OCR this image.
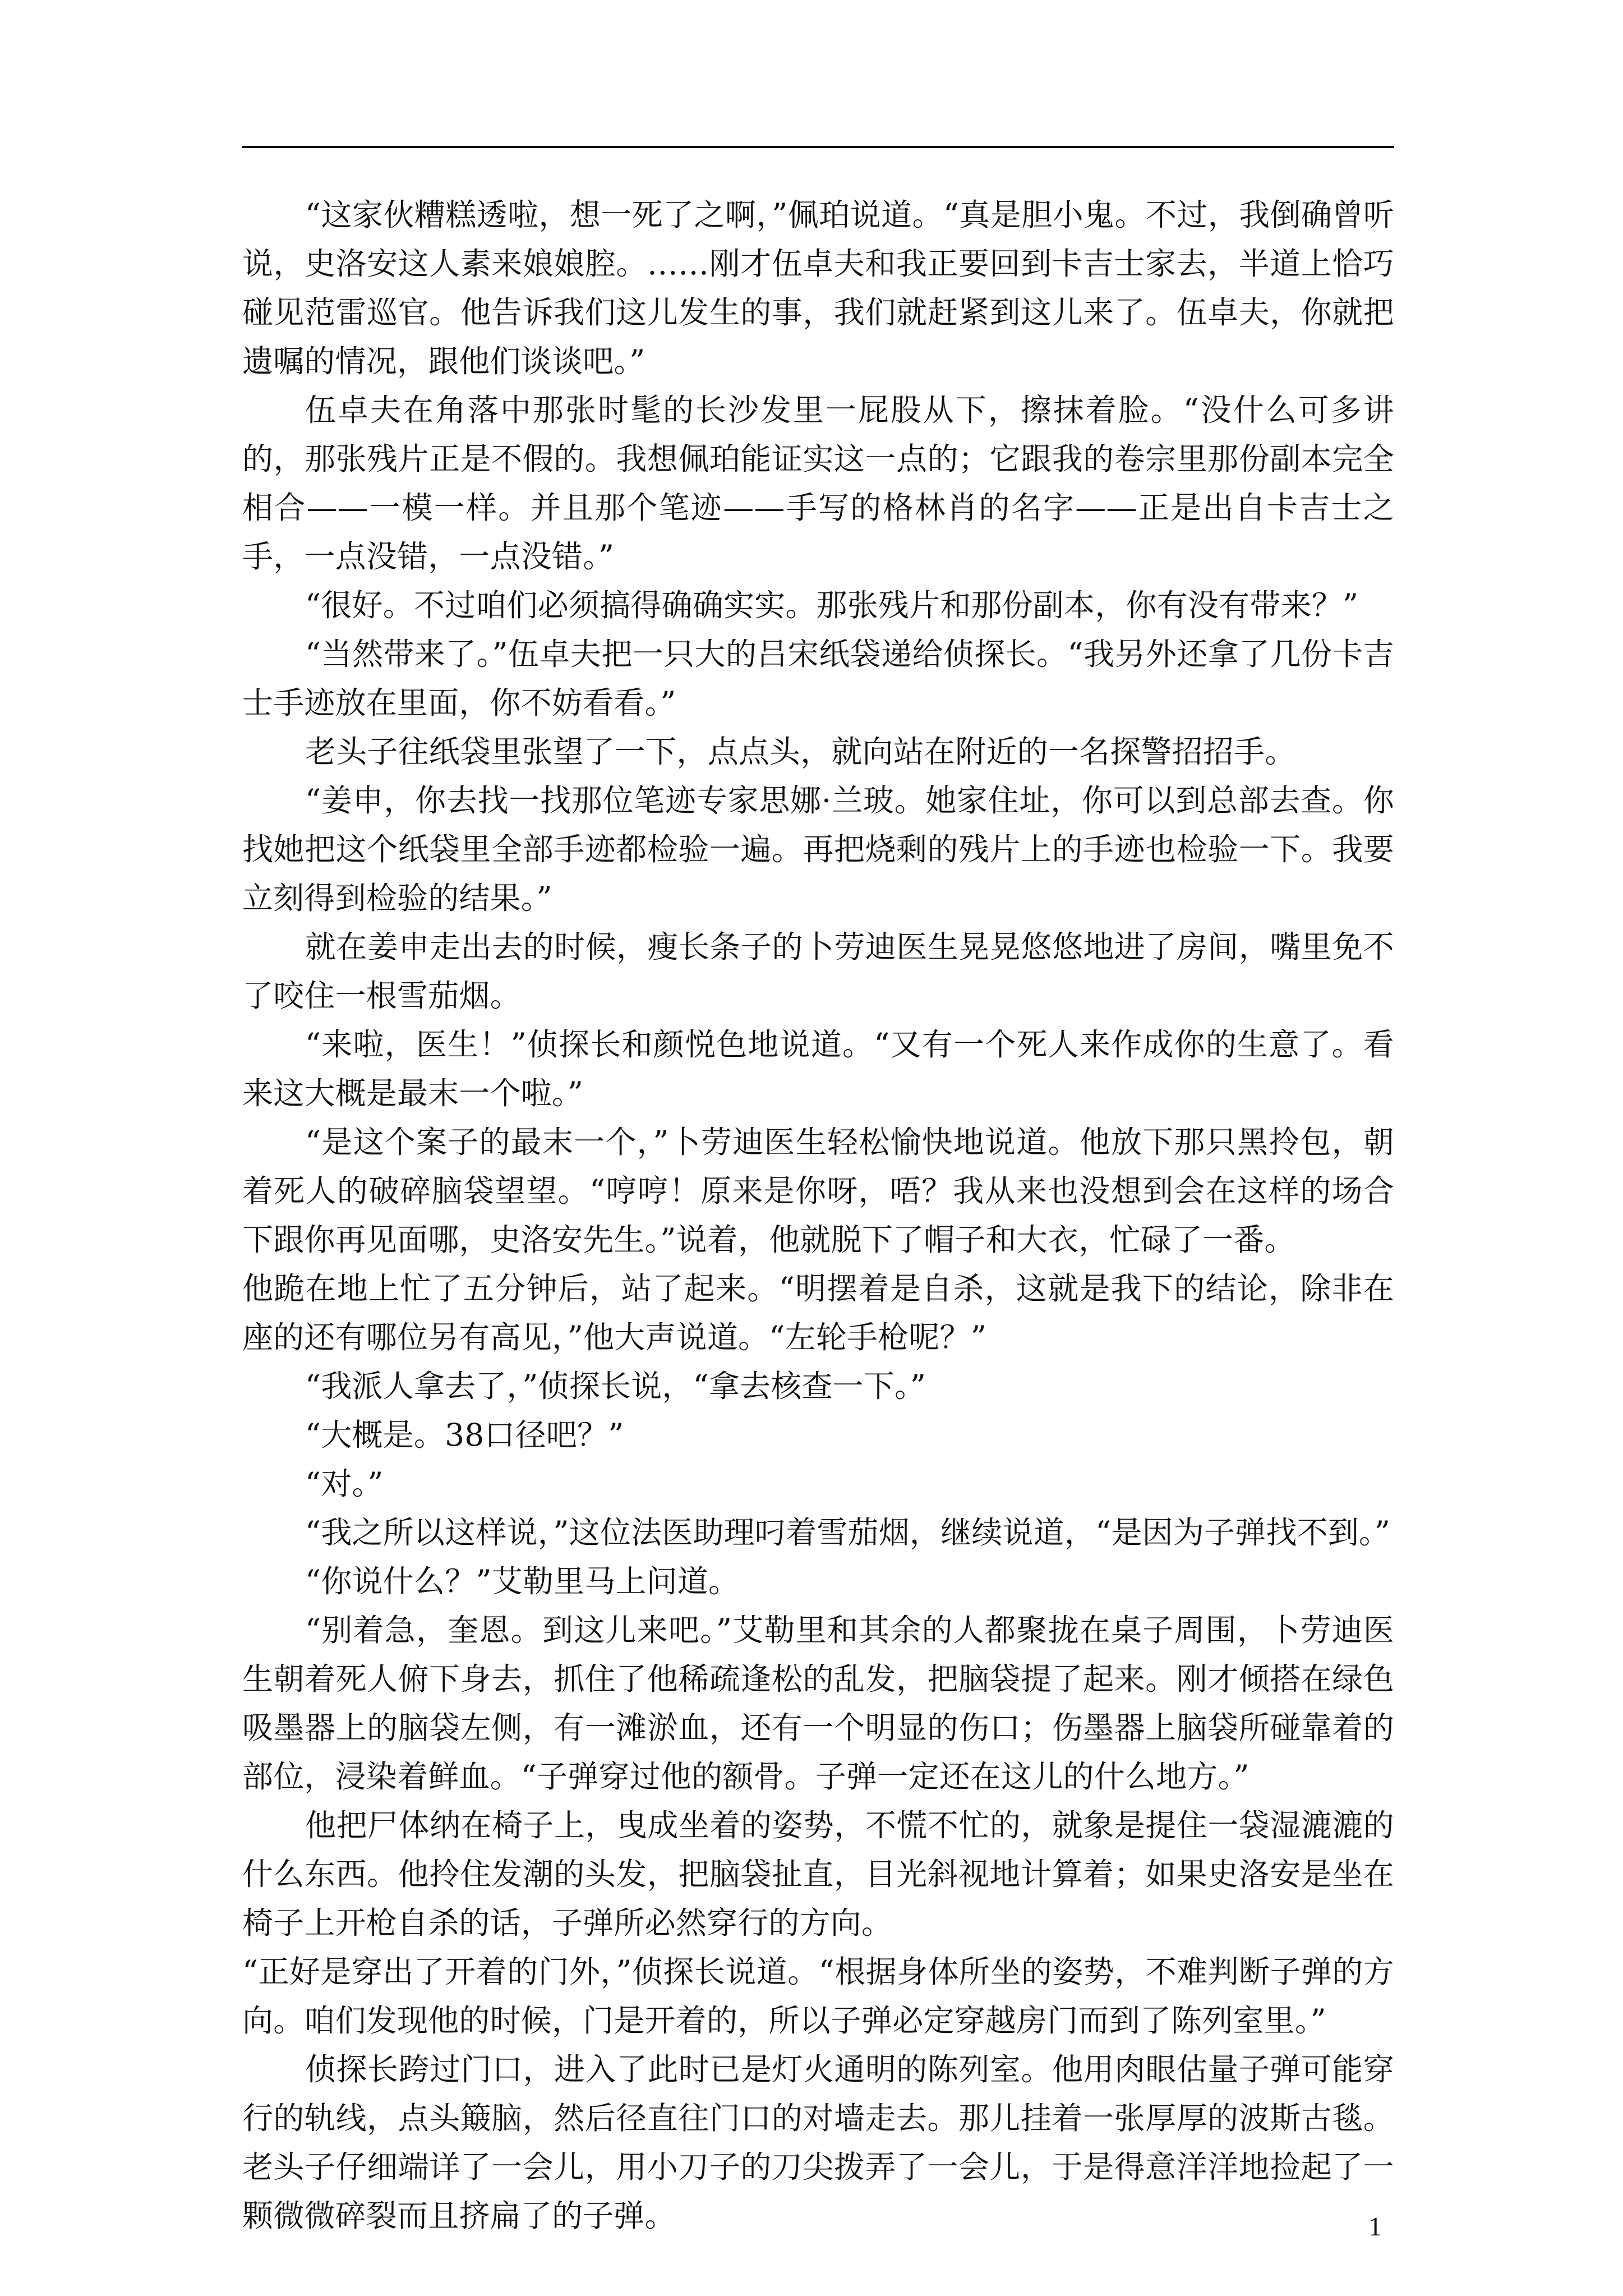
“这家伙糟糕透啦，想一死了之啊，”佩珀说道。“真是胆小鬼。不过，我倒确曾听说，史洛安这人素来娘娘腔。……刚才伍卓夫和我正要回到卡吉士家去，半道上恰巧碰见范雷巡官。他告诉我们这儿发生的事，我们就赶紧到这儿来了。伍卓夫，你就把遗嘱的情况，跟他们谈谈吧。”

伍卓夫在角落中那张时髦的长沙发里一屁股从下，擦抹着脸。“没什么可多讲的，那张残片正是不假的。我想佩珀能证实这一点的；它跟我的卷宗里那份副本完全相合——一模一样。并且那个笔迹——手写的格林肖的名字——正是出自卡吉士之手，一点没错，一点没错。”

“很好。不过咱们必须搞得确确实实。那张残片和那份副本，你有没有带来？”

“当然带来了。”伍卓夫把一只大的吕宋纸袋递给侦探长。“我另外还拿了几份卡吉士手迹放在里面，你不妨看看。”

老头子往纸袋里张望了一下，点点头，就向站在附近的一名探警招招手。

“姜申，你去找一找那位笔迹专家思娜·兰玻。她家住址，你可以到总部去查。你找她把这个纸袋里全部手迹都检验一遍。再把烧剩的残片上的手迹也检验一下。我要立刻得到检验的结果。”

就在姜申走出去的时候，瘦长条子的卜劳迪医生晃晃悠悠地进了房间，嘴里免不了咬住一根雪茄烟。

“来啦，医生！”侦探长和颜悦色地说道。“又有一个死人来作成你的生意了。看来这大概是最末一个啦。”

“是这个案子的最末一个，”卜劳迪医生轻松愉快地说道。他放下那只黑拎包，朝着死人的破碎脑袋望望。“哼哼！原来是你呀，唔？我从来也没想到会在这样的场合下跟你再见面哪，史洛安先生。”说着，他就脱下了帽子和大衣，忙碌了一番。

他跪在地上忙了五分钟后，站了起来。“明摆着是自杀，这就是我下的结论，除非在座的还有哪位另有高见，”他大声说道。“左轮手枪呢？”

“我派人拿去了，”侦探长说，“拿去核查一下。”

“大概是。38口径吧？”

“对。”

“我之所以这样说，”这位法医助理叼着雪茄烟，继续说道，“是因为子弹找不到。”

“你说什么？”艾勒里马上问道。

“别着急，奎恩。到这儿来吧。”艾勒里和其余的人都聚拢在桌子周围，卜劳迪医生朝着死人俯下身去，抓住了他稀疏逢松的乱发，把脑袋提了起来。刚才倾搭在绿色吸墨器上的脑袋左侧，有一滩淤血，还有一个明显的伤口；伤墨器上脑袋所碰靠着的部位，浸染着鲜血。“子弹穿过他的额骨。子弹一定还在这儿的什么地方。”

他把尸体纳在椅子上，曳成坐着的姿势，不慌不忙的，就象是提住一袋湿漉漉的什么东西。他拎住发潮的头发，把脑袋扯直，目光斜视地计算着；如果史洛安是坐在椅子上开枪自杀的话，子弹所必然穿行的方向。

“正好是穿出了开着的门外，”侦探长说道。“根据身体所坐的姿势，不难判断子弹的方向。咱们发现他的时候，门是开着的，所以子弹必定穿越房门而到了陈列室里。”

侦探长跨过门口，进入了此时已是灯火通明的陈列室。他用肉眼估量子弹可能穿行的轨线，点头簸脑，然后径直往门口的对墙走去。那儿挂着一张厚厚的波斯古毯。老头子仔细端详了一会儿，用小刀子的刀尖拨弄了一会儿，于是得意洋洋地捡起了一颗微微碎裂而且挤扁了的子弹。	1
